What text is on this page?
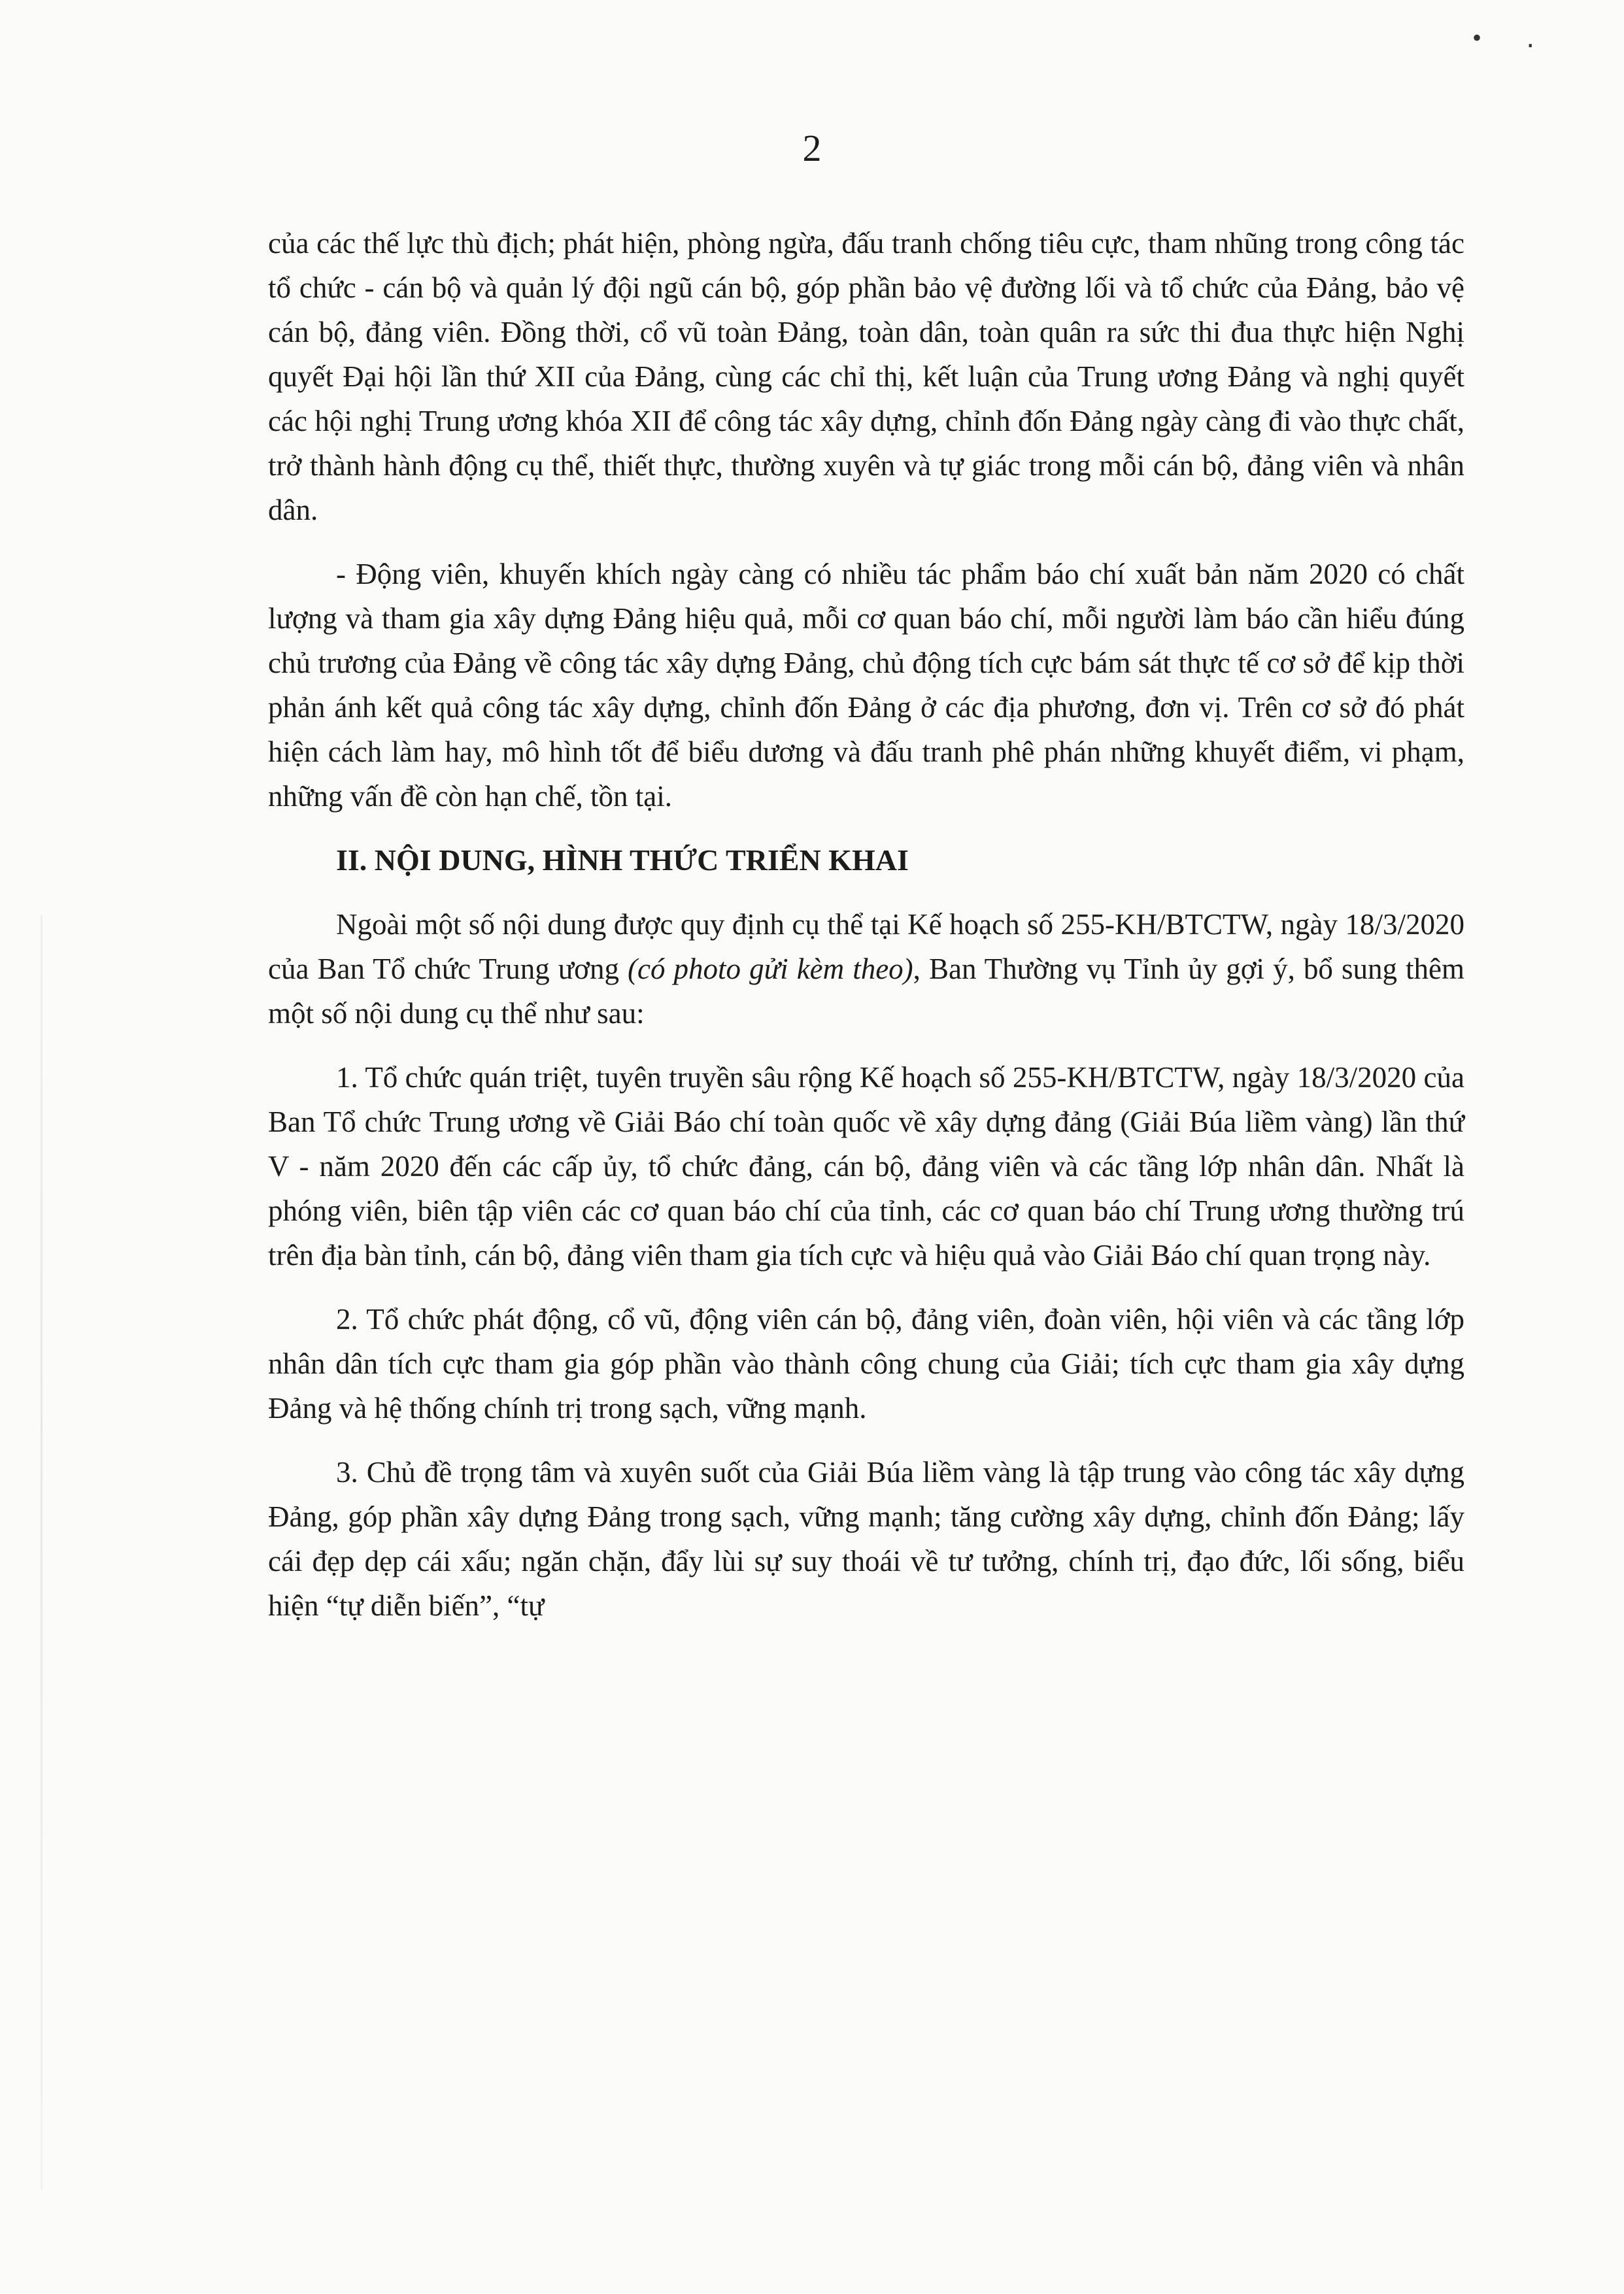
• ٠
2

của các thế lực thù địch; phát hiện, phòng ngừa, đấu tranh chống tiêu cực, tham nhũng trong công tác tổ chức - cán bộ và quản lý đội ngũ cán bộ, góp phần bảo vệ đường lối và tổ chức của Đảng, bảo vệ cán bộ, đảng viên. Đồng thời, cổ vũ toàn Đảng, toàn dân, toàn quân ra sức thi đua thực hiện Nghị quyết Đại hội lần thứ XII của Đảng, cùng các chỉ thị, kết luận của Trung ương Đảng và nghị quyết các hội nghị Trung ương khóa XII để công tác xây dựng, chỉnh đốn Đảng ngày càng đi vào thực chất, trở thành hành động cụ thể, thiết thực, thường xuyên và tự giác trong mỗi cán bộ, đảng viên và nhân dân.

- Động viên, khuyến khích ngày càng có nhiều tác phẩm báo chí xuất bản năm 2020 có chất lượng và tham gia xây dựng Đảng hiệu quả, mỗi cơ quan báo chí, mỗi người làm báo cần hiểu đúng chủ trương của Đảng về công tác xây dựng Đảng, chủ động tích cực bám sát thực tế cơ sở để kịp thời phản ánh kết quả công tác xây dựng, chỉnh đốn Đảng ở các địa phương, đơn vị. Trên cơ sở đó phát hiện cách làm hay, mô hình tốt để biểu dương và đấu tranh phê phán những khuyết điểm, vi phạm, những vấn đề còn hạn chế, tồn tại.

II. NỘI DUNG, HÌNH THỨC TRIỂN KHAI

Ngoài một số nội dung được quy định cụ thể tại Kế hoạch số 255-KH/BTCTW, ngày 18/3/2020 của Ban Tổ chức Trung ương (có photo gửi kèm theo), Ban Thường vụ Tỉnh ủy gợi ý, bổ sung thêm một số nội dung cụ thể như sau:

1. Tổ chức quán triệt, tuyên truyền sâu rộng Kế hoạch số 255-KH/BTCTW, ngày 18/3/2020 của Ban Tổ chức Trung ương về Giải Báo chí toàn quốc về xây dựng đảng (Giải Búa liềm vàng) lần thứ V - năm 2020 đến các cấp ủy, tổ chức đảng, cán bộ, đảng viên và các tầng lớp nhân dân. Nhất là phóng viên, biên tập viên các cơ quan báo chí của tỉnh, các cơ quan báo chí Trung ương thường trú trên địa bàn tỉnh, cán bộ, đảng viên tham gia tích cực và hiệu quả vào Giải Báo chí quan trọng này.

2. Tổ chức phát động, cổ vũ, động viên cán bộ, đảng viên, đoàn viên, hội viên và các tầng lớp nhân dân tích cực tham gia góp phần vào thành công chung của Giải; tích cực tham gia xây dựng Đảng và hệ thống chính trị trong sạch, vững mạnh.

3. Chủ đề trọng tâm và xuyên suốt của Giải Búa liềm vàng là tập trung vào công tác xây dựng Đảng, góp phần xây dựng Đảng trong sạch, vững mạnh; tăng cường xây dựng, chỉnh đốn Đảng; lấy cái đẹp dẹp cái xấu; ngăn chặn, đẩy lùi sự suy thoái về tư tưởng, chính trị, đạo đức, lối sống, biểu hiện “tự diễn biến”, “tự
